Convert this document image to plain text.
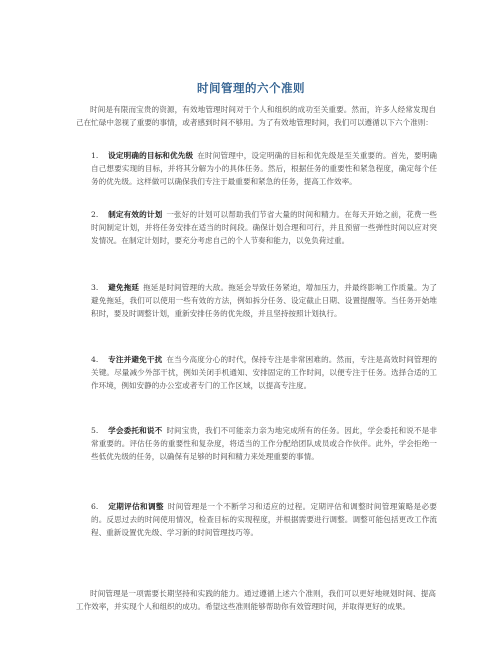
时间管理的六个准则

时间是有限而宝贵的资源，有效地管理时间对于个人和组织的成功至关重要。然而，许多人经常发现自己在忙碌中忽视了重要的事情，或者感到时间不够用。为了有效地管理时间，我们可以遵循以下六个准则：

1. 设定明确的目标和优先级 在时间管理中，设定明确的目标和优先级是至关重要的。首先，要明确自己想要实现的目标，并将其分解为小的具体任务。然后，根据任务的重要性和紧急程度，确定每个任务的优先级。这样做可以确保我们专注于最重要和紧急的任务，提高工作效率。

2. 制定有效的计划 一张好的计划可以帮助我们节省大量的时间和精力。在每天开始之前，花费一些时间制定计划，并将任务安排在适当的时间段。确保计划合理和可行，并且预留一些弹性时间以应对突发情况。在制定计划时，要充分考虑自己的个人节奏和能力，以免负荷过重。

3. 避免拖延 拖延是时间管理的大敌。拖延会导致任务紧迫，增加压力，并最终影响工作质量。为了避免拖延，我们可以使用一些有效的方法，例如拆分任务、设定截止日期、设置提醒等。当任务开始堆积时，要及时调整计划，重新安排任务的优先级，并且坚持按照计划执行。

4. 专注并避免干扰 在当今高度分心的时代，保持专注是非常困难的。然而，专注是高效时间管理的关键。尽量减少外部干扰，例如关闭手机通知、安排固定的工作时间，以便专注于任务。选择合适的工作环境，例如安静的办公室或者专门的工作区域，以提高专注度。

5. 学会委托和说不 时间宝贵，我们不可能亲力亲为地完成所有的任务。因此，学会委托和说不是非常重要的。评估任务的重要性和复杂度，将适当的工作分配给团队成员或合作伙伴。此外，学会拒绝一些低优先级的任务，以确保有足够的时间和精力来处理重要的事情。

6. 定期评估和调整 时间管理是一个不断学习和适应的过程。定期评估和调整时间管理策略是必要的。反思过去的时间使用情况，检查目标的实现程度，并根据需要进行调整。调整可能包括更改工作流程、重新设置优先级、学习新的时间管理技巧等。

时间管理是一项需要长期坚持和实践的能力。通过遵循上述六个准则，我们可以更好地规划时间、提高工作效率，并实现个人和组织的成功。希望这些准则能够帮助你有效管理时间，并取得更好的成果。
